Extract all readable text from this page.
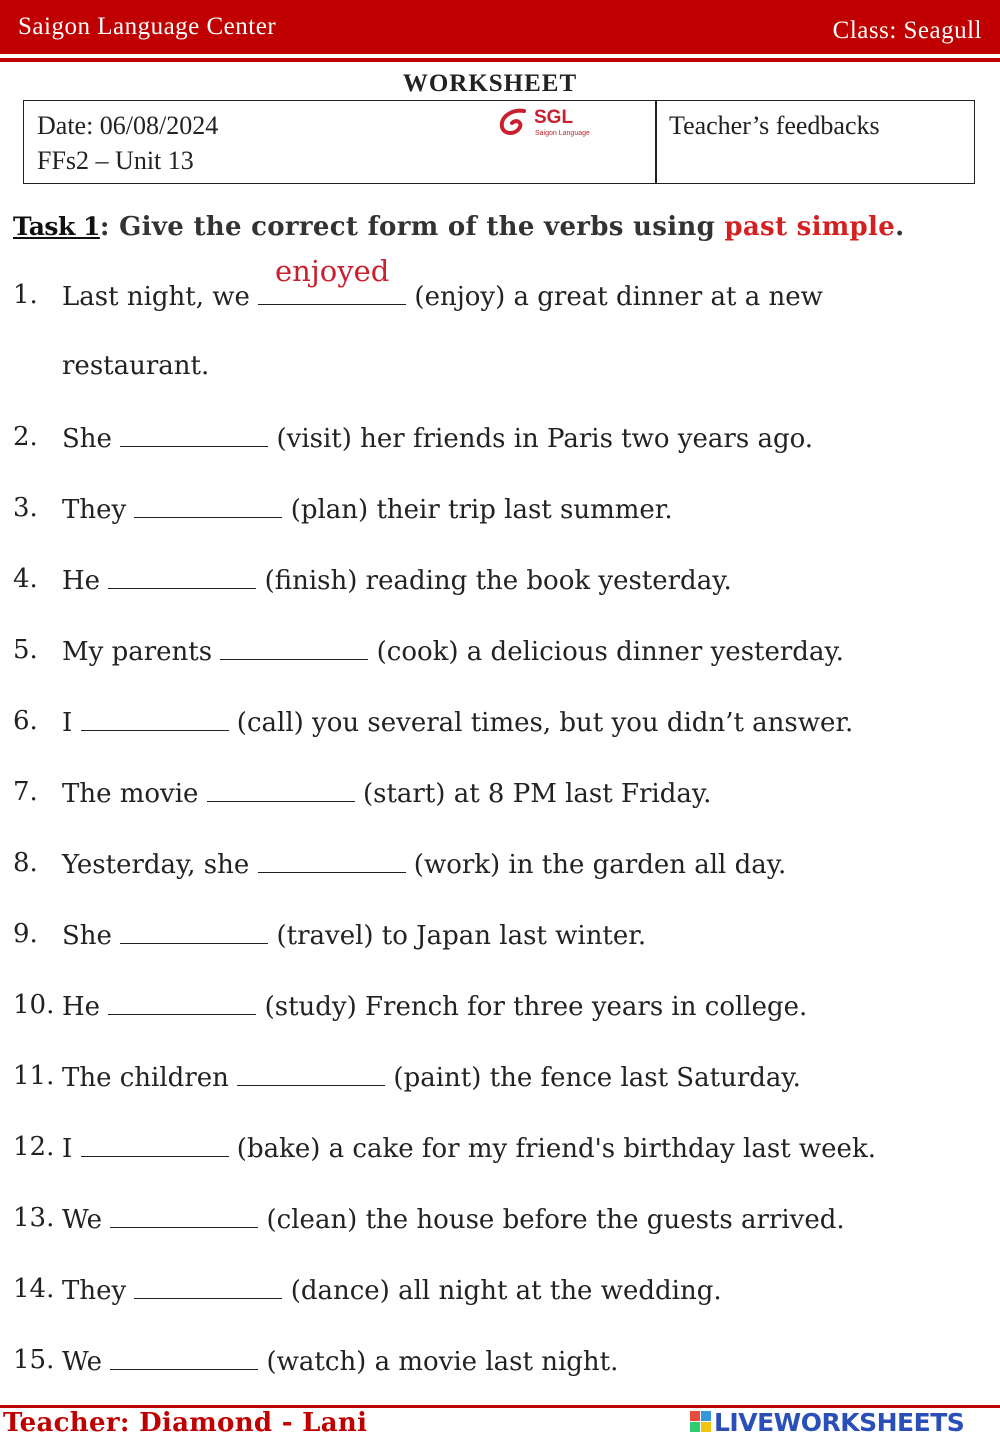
Saigon Language Center	Class: Seagull
WORKSHEET
Date: 06/08/2024
FFs2 – Unit 13
SGL
Saigon Language	Teacher’s feedbacks
Task 1: Give the correct form of the verbs using past simple.
1. Last night, we
enjoyed
(enjoy) a great dinner at a new
restaurant.
2. She	(visit) her friends in Paris two years ago.
3. They	(plan) their trip last summer.
4. He	(finish) reading the book yesterday.
5. My parents	(cook) a delicious dinner yesterday.
6. I	(call) you several times, but you didn’t answer.
7. The movie	(start) at 8 PM last Friday.
8. Yesterday, she	(work) in the garden all day.
9. She	(travel) to Japan last winter.
10. He	(study) French for three years in college.
11. The children	(paint) the fence last Saturday.
12. I	(bake) a cake for my friend's birthday last week.
13. We	(clean) the house before the guests arrived.
14. They	(dance) all night at the wedding.
15. We	(watch) a movie last night.
Teacher: Diamond - Lani	LIVEWORKSHEETS
